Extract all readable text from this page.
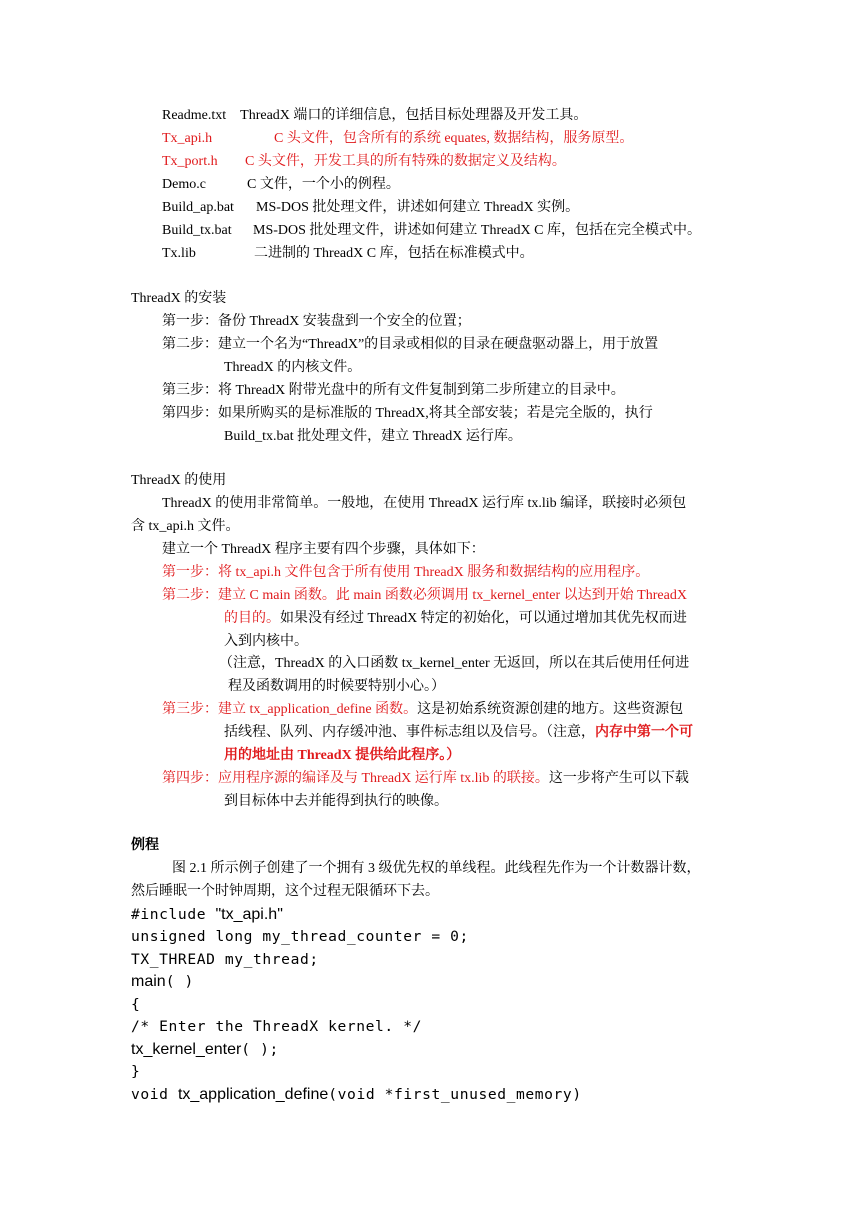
Readme.txt ThreadX 端口的详细信息，包括目标处理器及开发工具。
Tx_api.h	C 头文件，包含所有的系统 equates, 数据结构，服务原型。
Tx_port.h C 头文件，开发工具的所有特殊的数据定义及结构。
Demo.c	C 文件，一个小的例程。
Build_ap.bat MS-DOS 批处理文件，讲述如何建立 ThreadX 实例。
Build_tx.bat MS-DOS 批处理文件，讲述如何建立 ThreadX C 库，包括在完全模式中。
Tx.lib	二进制的 ThreadX C 库，包括在标准模式中。
ThreadX 的安装
第一步：备份 ThreadX 安装盘到一个安全的位置；
第二步：建立一个名为“ThreadX”的目录或相似的目录在硬盘驱动器上，用于放置
ThreadX 的内核文件。
第三步：将 ThreadX 附带光盘中的所有文件复制到第二步所建立的目录中。
第四步：如果所购买的是标准版的 ThreadX,将其全部安装；若是完全版的，执行
Build_tx.bat 批处理文件，建立 ThreadX 运行库。
ThreadX 的使用
ThreadX 的使用非常简单。一般地，在使用 ThreadX 运行库 tx.lib 编译，联接时必须包
含 tx_api.h 文件。
建立一个 ThreadX 程序主要有四个步骤，具体如下：
第一步：将 tx_api.h 文件包含于所有使用 ThreadX 服务和数据结构的应用程序。
第二步：建立 C main 函数。此 main 函数必须调用 tx_kernel_enter 以达到开始 ThreadX
的目的。如果没有经过 ThreadX 特定的初始化，可以通过增加其优先权而进
入到内核中。
（注意，ThreadX 的入口函数 tx_kernel_enter 无返回，所以在其后使用任何进
程及函数调用的时候要特别小心。）
第三步：建立 tx_application_define 函数。这是初始系统资源创建的地方。这些资源包
括线程、队列、内存缓冲池、事件标志组以及信号。（注意，内存中第一个可
用的地址由 ThreadX 提供给此程序。）
第四步：应用程序源的编译及与 ThreadX 运行库 tx.lib 的联接。这一步将产生可以下载
到目标体中去并能得到执行的映像。
例程
图 2.1 所示例子创建了一个拥有 3 级优先权的单线程。此线程先作为一个计数器计数，
然后睡眠一个时钟周期，这个过程无限循环下去。
#include "tx_api.h"
unsigned long my_thread_counter = 0;
TX_THREAD my_thread;
main( )
{
/* Enter the ThreadX kernel. */
tx_kernel_enter( );
}
void tx_application_define(void *first_unused_memory)
